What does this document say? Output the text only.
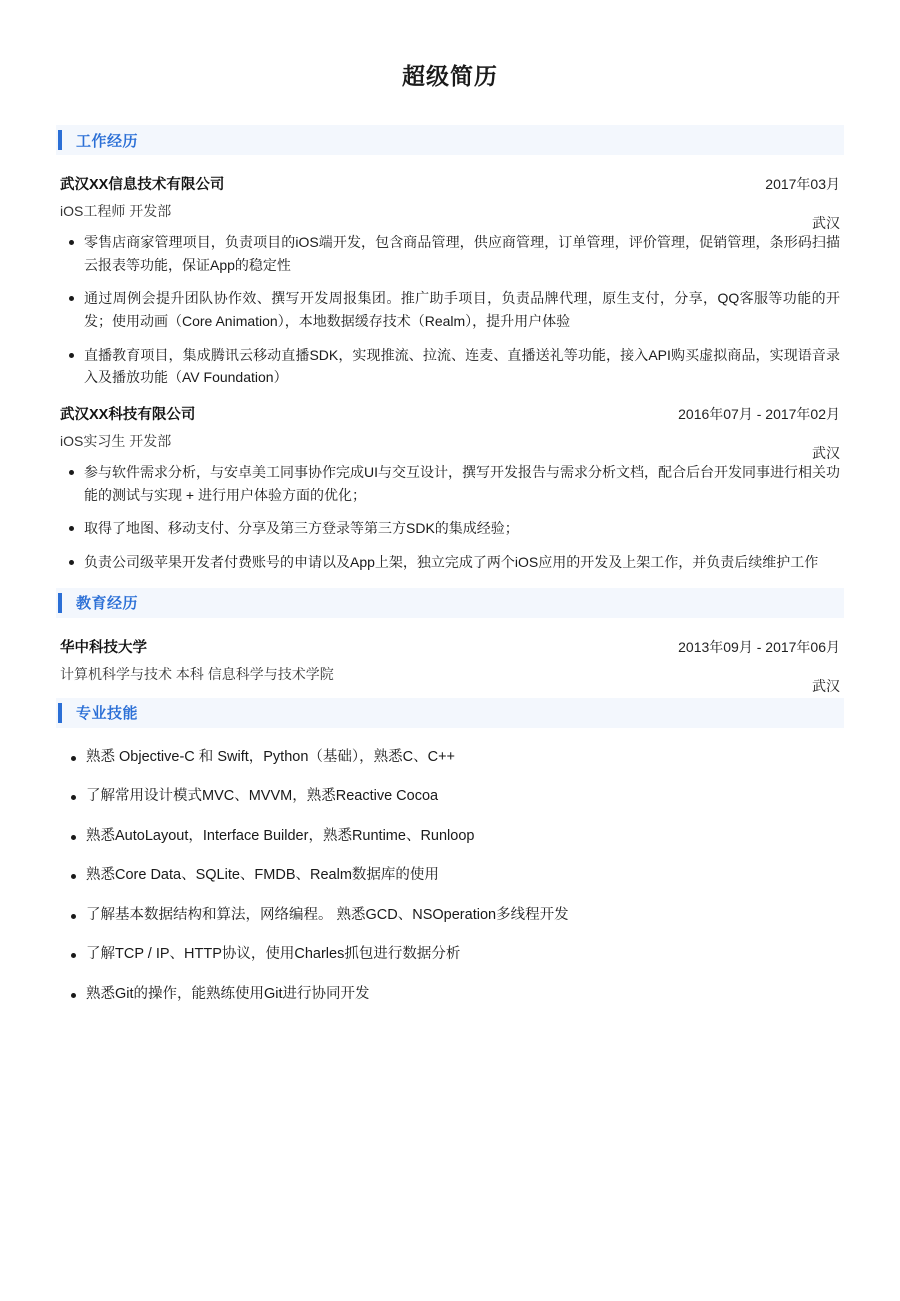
超级简历
工作经历
武汉XX信息技术有限公司	2017年03月
iOS工程师 开发部
武汉
零售店商家管理项目，负责项目的iOS端开发，包含商品管理，供应商管理，订单管理，评价管理，促销管理，条形码扫描云报表等功能，保证App的稳定性
通过周例会提升团队协作效、撰写开发周报集团。推广助手项目，负责品牌代理，原生支付，分享，QQ客服等功能的开发；使用动画（Core Animation），本地数据缓存技术（Realm），提升用户体验
直播教育项目，集成腾讯云移动直播SDK，实现推流、拉流、连麦、直播送礼等功能，接入API购买虚拟商品，实现语音录入及播放功能（AV Foundation）
武汉XX科技有限公司	2016年07月 - 2017年02月
iOS实习生 开发部
武汉
参与软件需求分析，与安卓美工同事协作完成UI与交互设计，撰写开发报告与需求分析文档，配合后台开发同事进行相关功能的测试与实现 + 进行用户体验方面的优化；
取得了地图、移动支付、分享及第三方登录等第三方SDK的集成经验；
负责公司级苹果开发者付费账号的申请以及App上架，独立完成了两个iOS应用的开发及上架工作，并负责后续维护工作
教育经历
华中科技大学	2013年09月 - 2017年06月
计算机科学与技术 本科 信息科学与技术学院
武汉
专业技能
熟悉 Objective-C 和 Swift，Python（基础），熟悉C、C++
了解常用设计模式MVC、MVVM，熟悉Reactive Cocoa
熟悉AutoLayout，Interface Builder，熟悉Runtime、Runloop
熟悉Core Data、SQLite、FMDB、Realm数据库的使用
了解基本数据结构和算法，网络编程。 熟悉GCD、NSOperation多线程开发
了解TCP / IP、HTTP协议，使用Charles抓包进行数据分析
熟悉Git的操作，能熟练使用Git进行协同开发
